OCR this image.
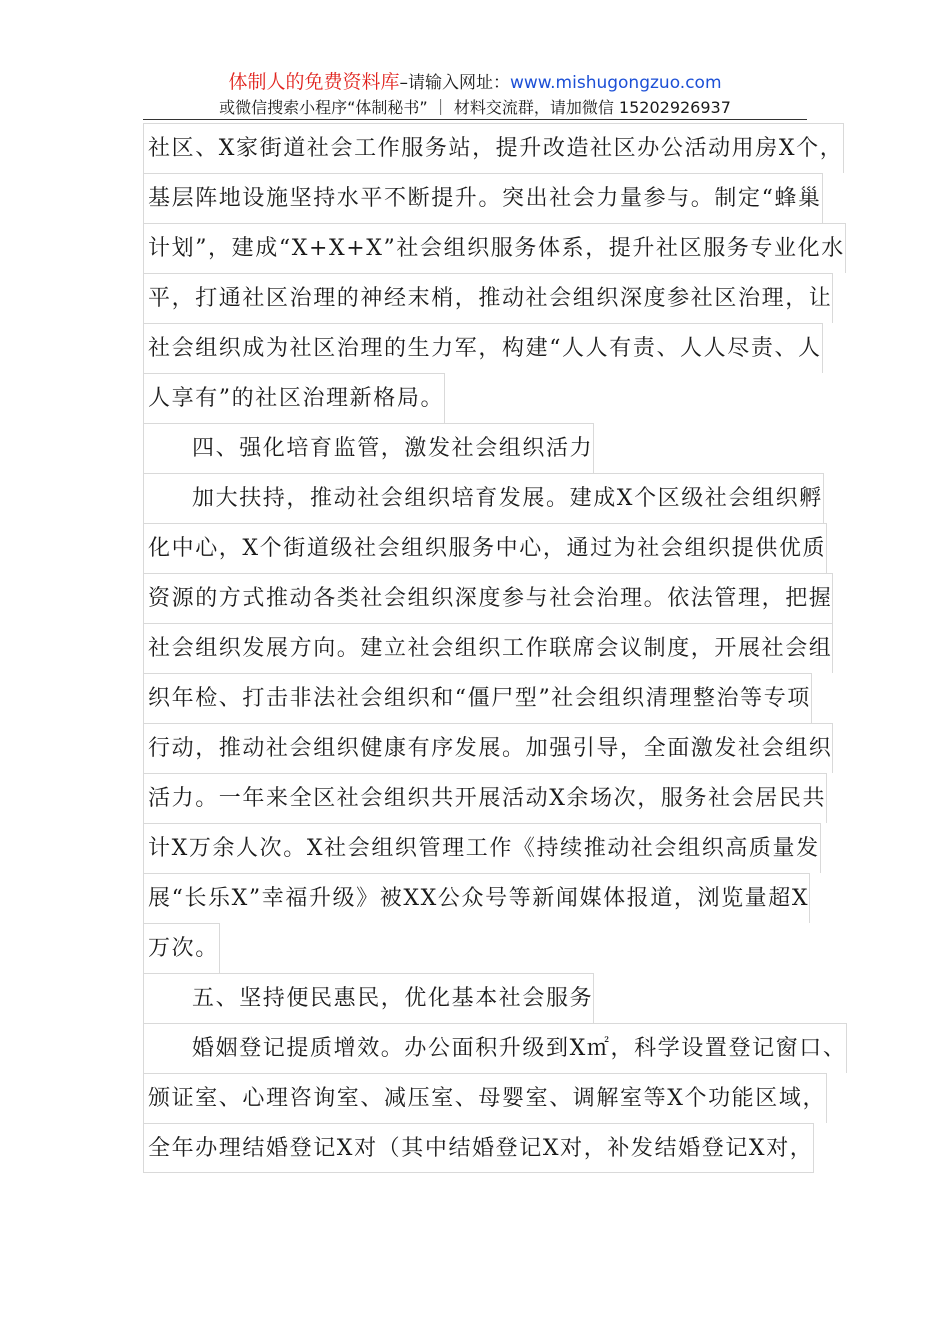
体制人的免费资料库–请输入网址：www.mishugongzuo.com
或微信搜索小程序“体制秘书” ｜ 材料交流群，请加微信 15202926937
社区、X家街道社会工作服务站，提升改造社区办公活动用房X个，
基层阵地设施坚持水平不断提升。突出社会力量参与。制定“蜂巢
计划”，建成“X+X+X”社会组织服务体系，提升社区服务专业化水
平，打通社区治理的神经末梢，推动社会组织深度参社区治理，让
社会组织成为社区治理的生力军，构建“人人有责、人人尽责、人
人享有”的社区治理新格局。
四、强化培育监管，激发社会组织活力
加大扶持，推动社会组织培育发展。建成X个区级社会组织孵
化中心，X个街道级社会组织服务中心，通过为社会组织提供优质
资源的方式推动各类社会组织深度参与社会治理。依法管理，把握
社会组织发展方向。建立社会组织工作联席会议制度，开展社会组
织年检、打击非法社会组织和“僵尸型”社会组织清理整治等专项
行动，推动社会组织健康有序发展。加强引导，全面激发社会组织
活力。一年来全区社会组织共开展活动X余场次，服务社会居民共
计X万余人次。X社会组织管理工作《持续推动社会组织高质量发
展“长乐X”幸福升级》被XX公众号等新闻媒体报道，浏览量超X
万次。
五、坚持便民惠民，优化基本社会服务
婚姻登记提质增效。办公面积升级到X㎡，科学设置登记窗口、
颁证室、心理咨询室、减压室、母婴室、调解室等X个功能区域，
全年办理结婚登记X对（其中结婚登记X对，补发结婚登记X对，
